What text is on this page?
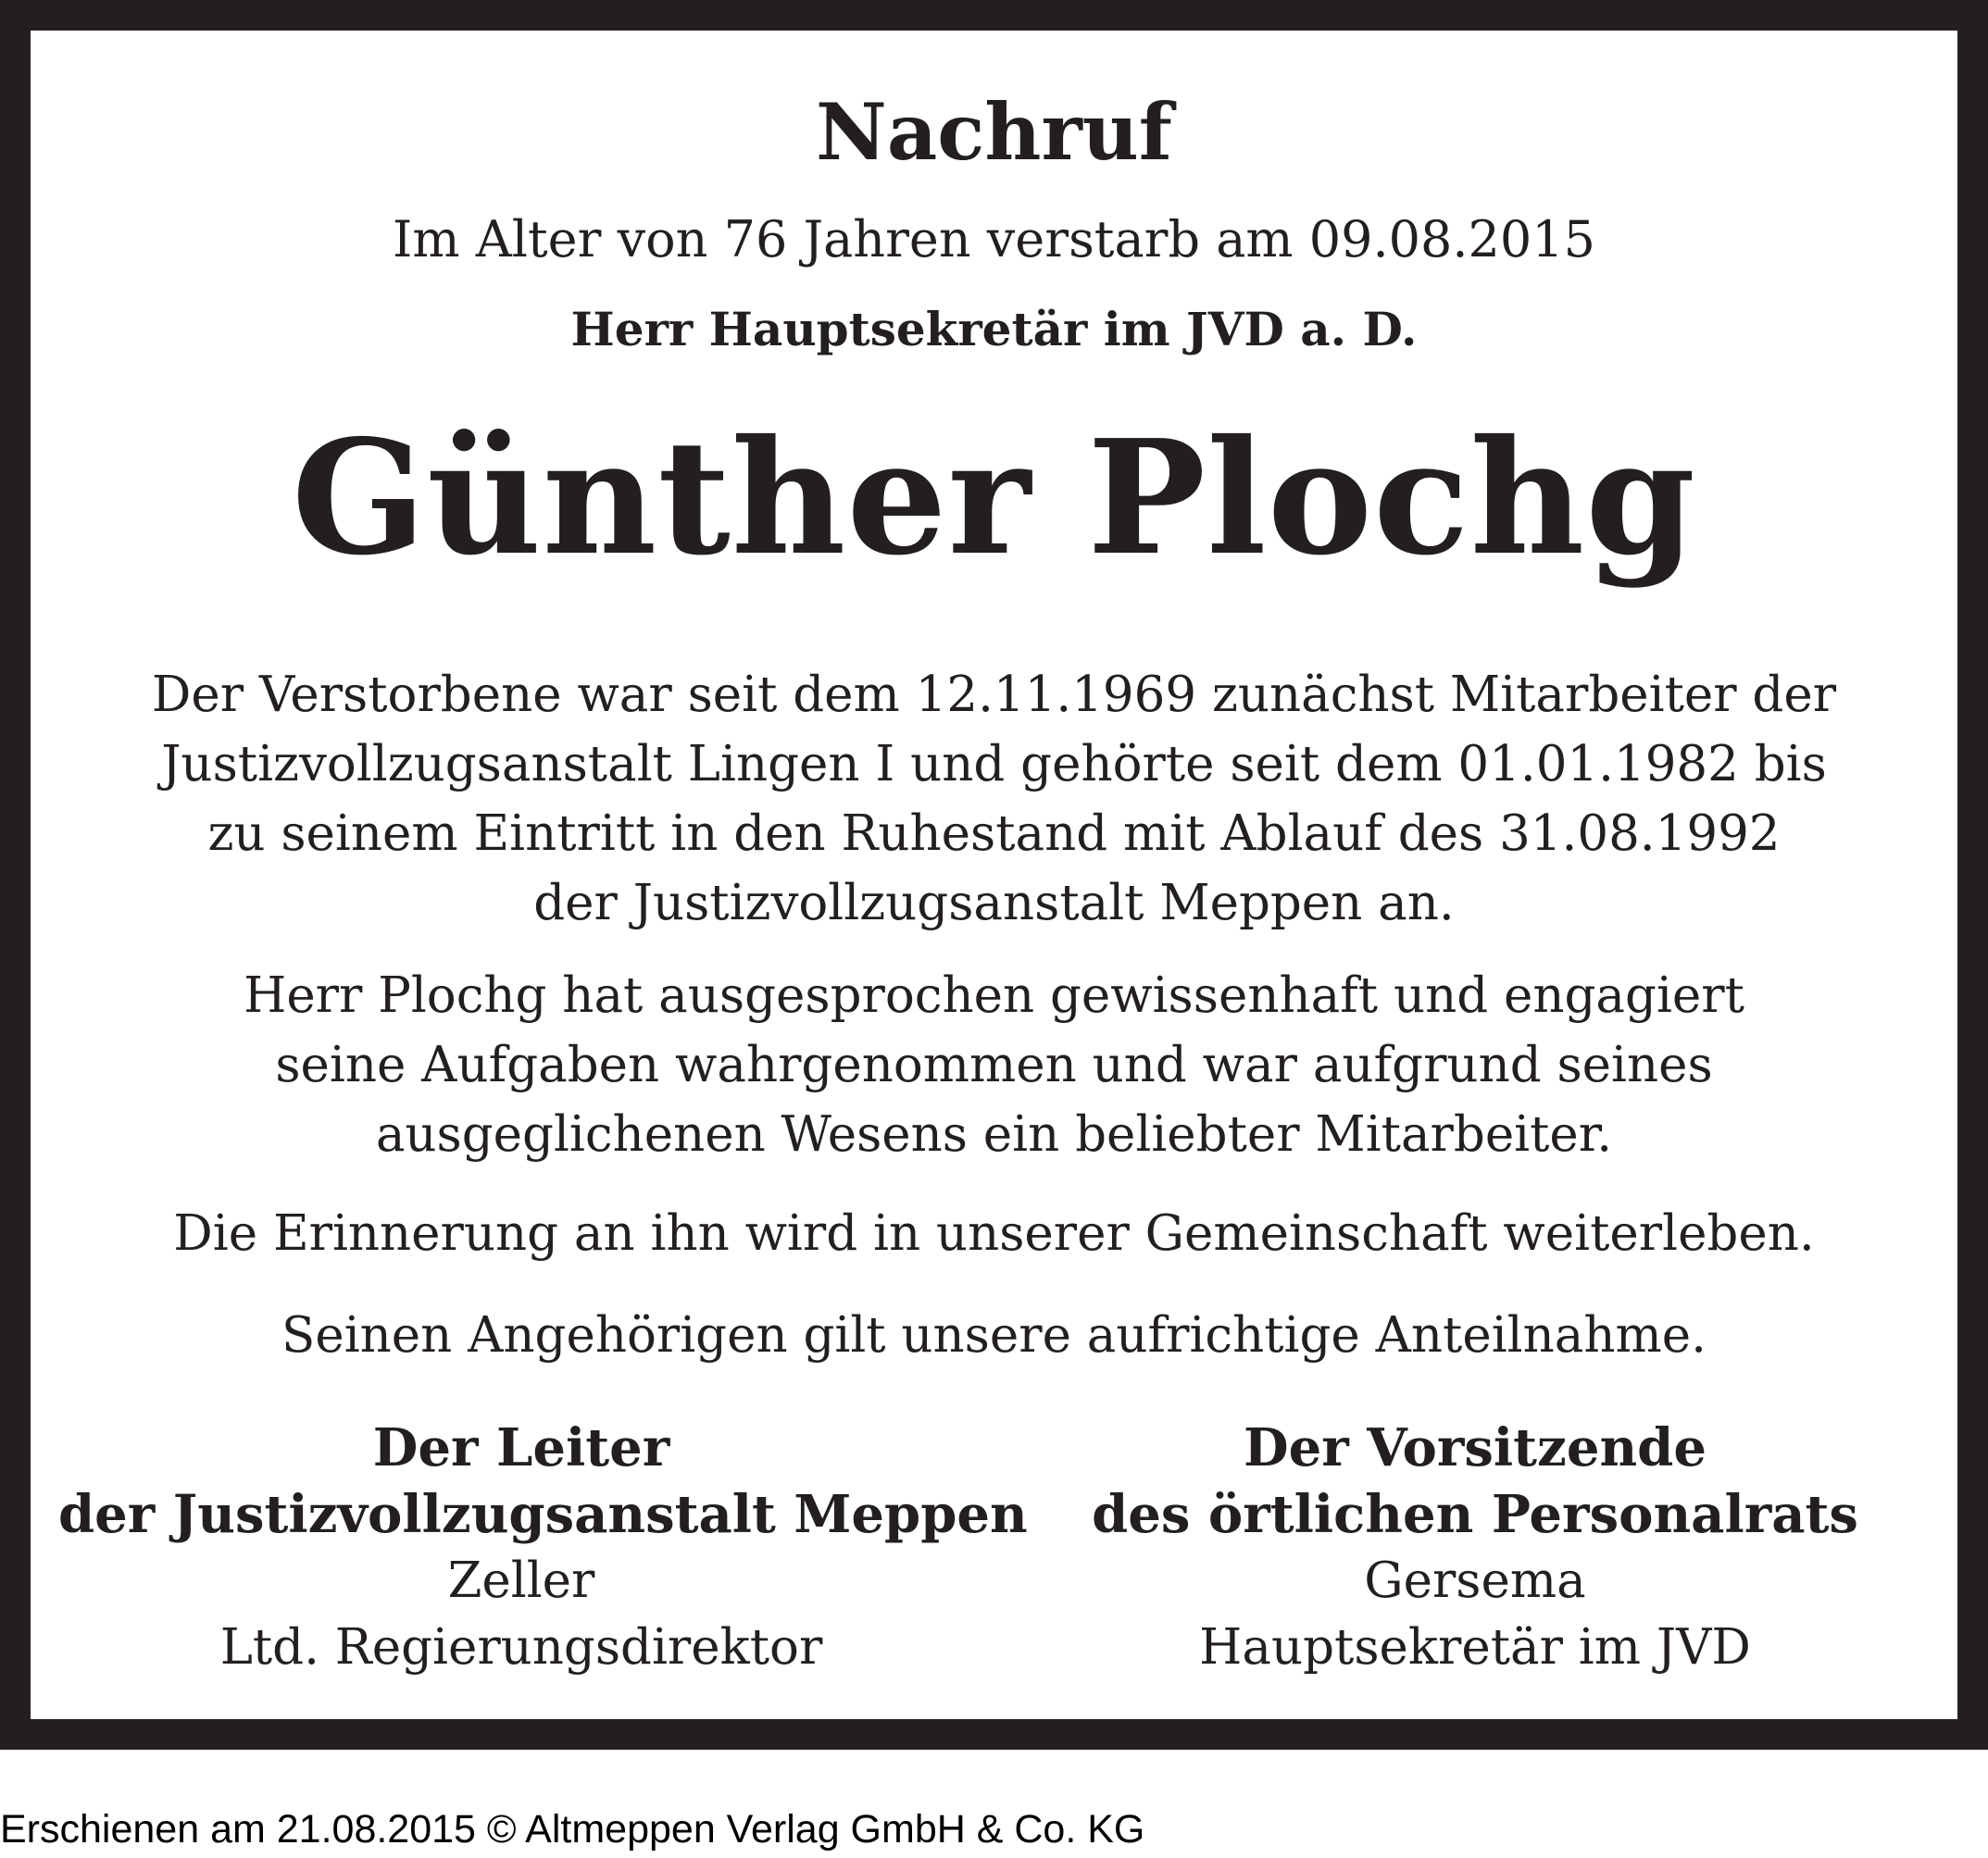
Nachruf
Im Alter von 76 Jahren verstarb am 09.08.2015
Herr Hauptsekretär im JVD a. D.
Günther Plochg
Der Verstorbene war seit dem 12.11.1969 zunächst Mitarbeiter der
Justizvollzugsanstalt Lingen I und gehörte seit dem 01.01.1982 bis
zu seinem Eintritt in den Ruhestand mit Ablauf des 31.08.1992
der Justizvollzugsanstalt Meppen an.
Herr Plochg hat ausgesprochen gewissenhaft und engagiert
seine Aufgaben wahrgenommen und war aufgrund seines
ausgeglichenen Wesens ein beliebter Mitarbeiter.
Die Erinnerung an ihn wird in unserer Gemeinschaft weiterleben.
Seinen Angehörigen gilt unsere aufrichtige Anteilnahme.
Der Leiter
der Justizvollzugsanstalt Meppen
Zeller
Ltd. Regierungsdirektor
Der Vorsitzende
des örtlichen Personalrats
Gersema
Hauptsekretär im JVD
Erschienen am 21.08.2015 © Altmeppen Verlag GmbH & Co. KG
